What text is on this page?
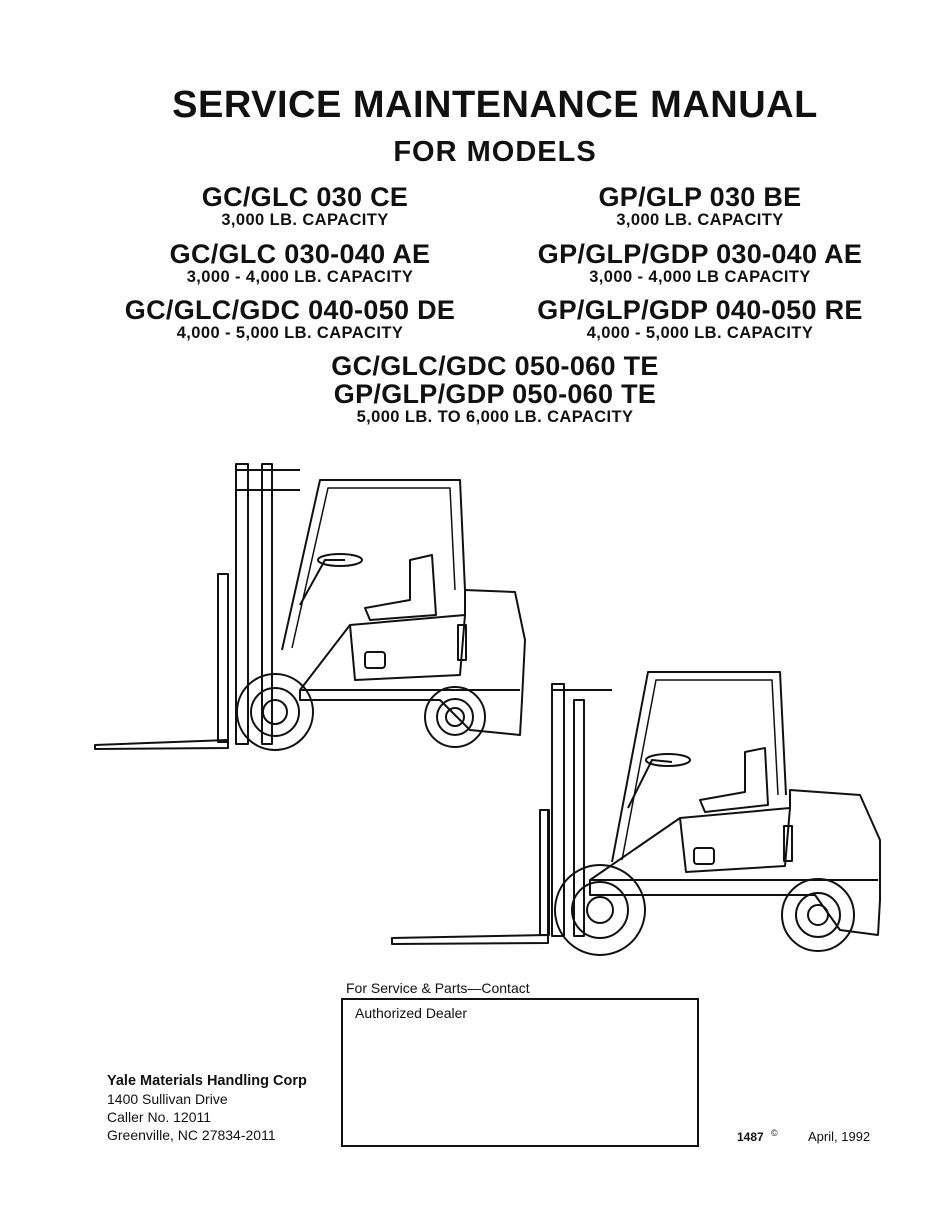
SERVICE MAINTENANCE MANUAL
FOR MODELS
GC/GLC 030 CE
3,000 LB. CAPACITY
GC/GLC 030-040 AE
3,000 - 4,000 LB. CAPACITY
GC/GLC/GDC 040-050 DE
4,000 - 5,000 LB. CAPACITY
GP/GLP 030 BE
3,000 LB. CAPACITY
GP/GLP/GDP 030-040 AE
3,000 - 4,000 LB CAPACITY
GP/GLP/GDP 040-050 RE
4,000 - 5,000 LB. CAPACITY
GC/GLC/GDC 050-060 TE
GP/GLP/GDP 050-060 TE
5,000 LB. TO 6,000 LB. CAPACITY
For Service & Parts—Contact
Authorized Dealer
Yale Materials Handling Corp
1400 Sullivan Drive
Caller No. 12011
Greenville, NC 27834-2011	1487 © April, 1992
